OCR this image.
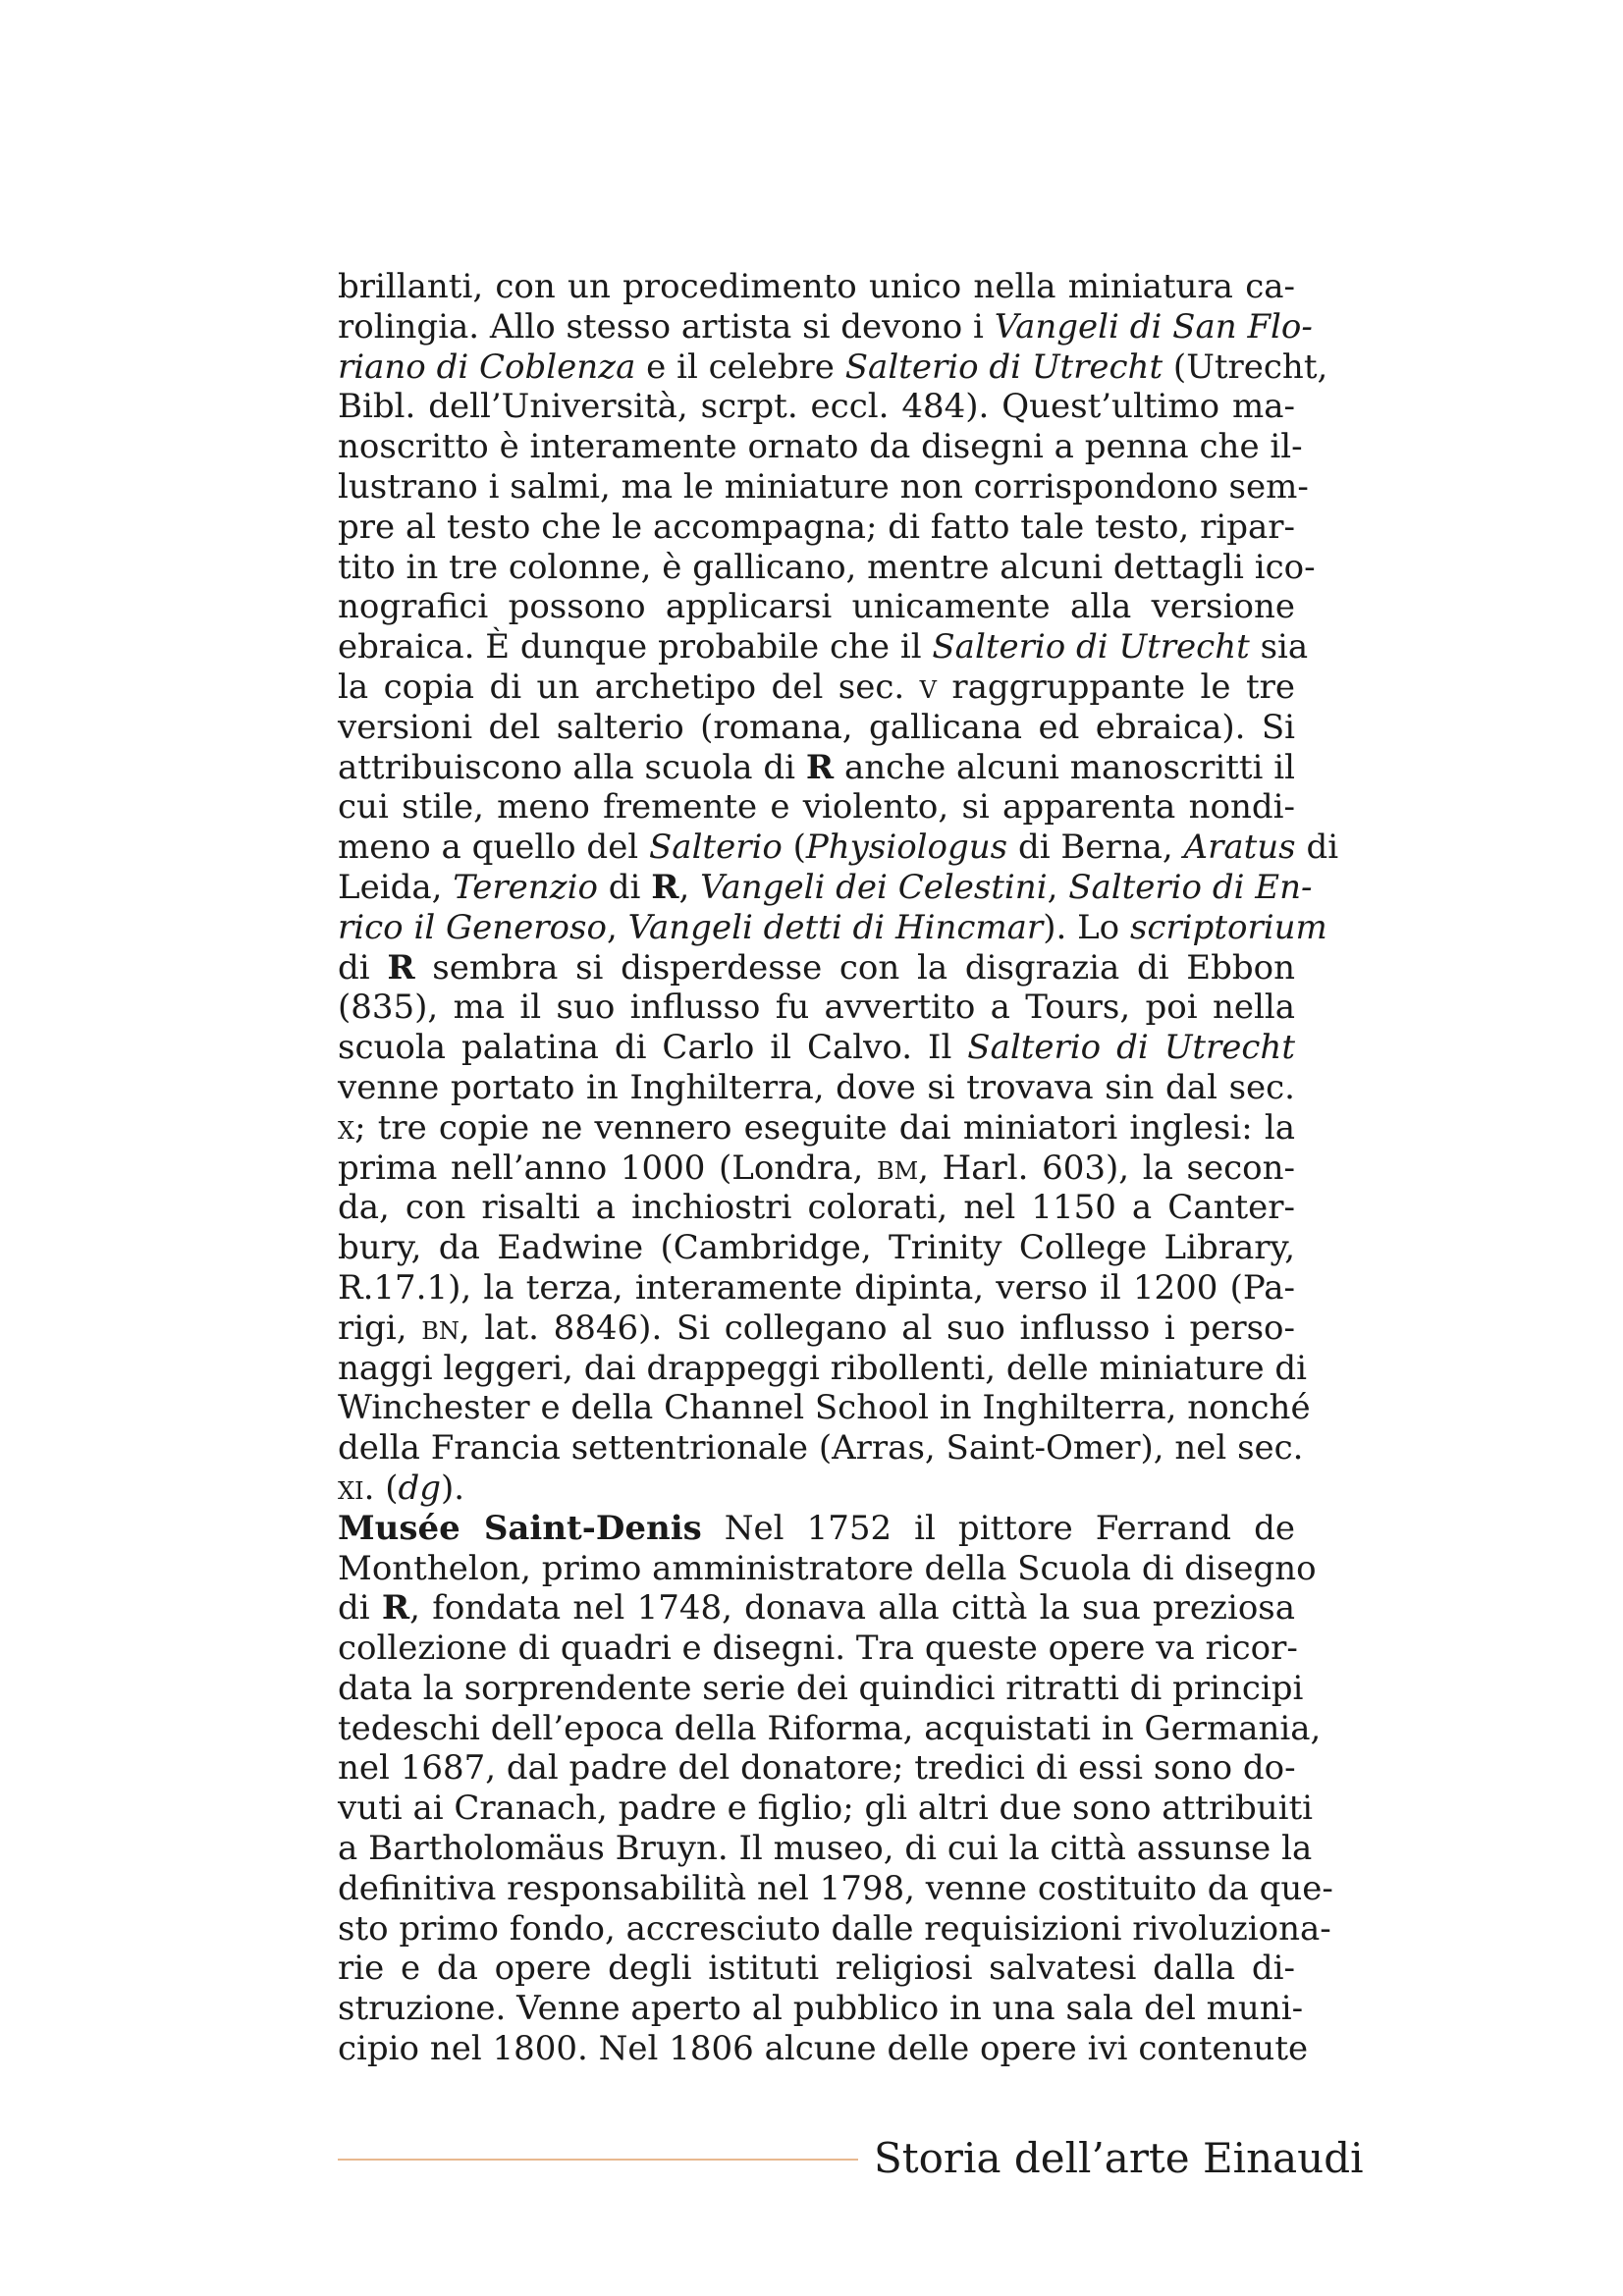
brillanti, con un procedimento unico nella miniatura ca-
rolingia. Allo stesso artista si devono i Vangeli di San Flo-
riano di Coblenza e il celebre Salterio di Utrecht (Utrecht,
Bibl. dell’Università, scrpt. eccl. 484). Quest’ultimo ma-
noscritto è interamente ornato da disegni a penna che il-
lustrano i salmi, ma le miniature non corrispondono sem-
pre al testo che le accompagna; di fatto tale testo, ripar-
tito in tre colonne, è gallicano, mentre alcuni dettagli ico-
nografici possono applicarsi unicamente alla versione
ebraica. È dunque probabile che il Salterio di Utrecht sia
la copia di un archetipo del sec. v raggruppante le tre
versioni del salterio (romana, gallicana ed ebraica). Si
attribuiscono alla scuola di R anche alcuni manoscritti il
cui stile, meno fremente e violento, si apparenta nondi-
meno a quello del Salterio (Physiologus di Berna, Aratus di
Leida, Terenzio di R, Vangeli dei Celestini, Salterio di En-
rico il Generoso, Vangeli detti di Hincmar). Lo scriptorium
di R sembra si disperdesse con la disgrazia di Ebbon
(835), ma il suo influsso fu avvertito a Tours, poi nella
scuola palatina di Carlo il Calvo. Il Salterio di Utrecht
venne portato in Inghilterra, dove si trovava sin dal sec.
x; tre copie ne vennero eseguite dai miniatori inglesi: la
prima nell’anno 1000 (Londra, bm, Harl. 603), la secon-
da, con risalti a inchiostri colorati, nel 1150 a Canter-
bury, da Eadwine (Cambridge, Trinity College Library,
R.17.1), la terza, interamente dipinta, verso il 1200 (Pa-
rigi, bn, lat. 8846). Si collegano al suo influsso i perso-
naggi leggeri, dai drappeggi ribollenti, delle miniature di
Winchester e della Channel School in Inghilterra, nonché
della Francia settentrionale (Arras, Saint-Omer), nel sec.
xi. (dg).
Musée Saint-Denis Nel 1752 il pittore Ferrand de
Monthelon, primo amministratore della Scuola di disegno
di R, fondata nel 1748, donava alla città la sua preziosa
collezione di quadri e disegni. Tra queste opere va ricor-
data la sorprendente serie dei quindici ritratti di principi
tedeschi dell’epoca della Riforma, acquistati in Germania,
nel 1687, dal padre del donatore; tredici di essi sono do-
vuti ai Cranach, padre e figlio; gli altri due sono attribuiti
a Bartholomäus Bruyn. Il museo, di cui la città assunse la
definitiva responsabilità nel 1798, venne costituito da que-
sto primo fondo, accresciuto dalle requisizioni rivoluziona-
rie e da opere degli istituti religiosi salvatesi dalla di-
struzione. Venne aperto al pubblico in una sala del muni-
cipio nel 1800. Nel 1806 alcune delle opere ivi contenute
Storia dell’arte Einaudi
